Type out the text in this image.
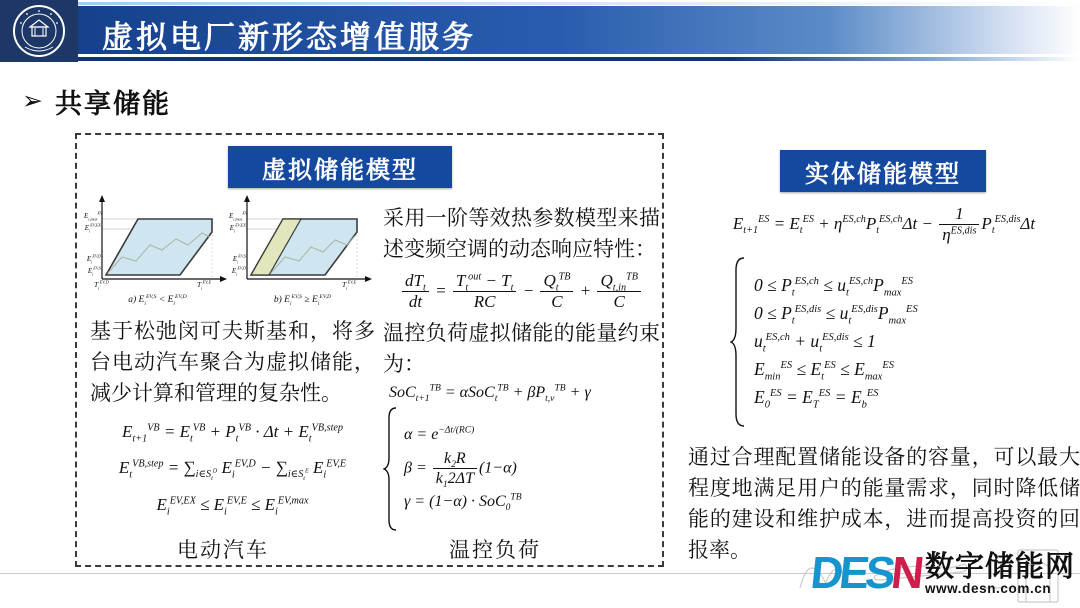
虚拟电厂新形态增值服务
➢ 共享储能
虚拟储能模型
$E_{i,max}^{EV}$
$E_i^{EV,EX}$
$E_i^{EV,D}$
$E_i^{EV,S}$
$T_i^{EV,D}$	$T_i^{EV,E}$
a) $E_i^{EV,S} < E_i^{EV,D}$
$E_{i,max}^{EV}$
$E_i^{EV,EX}$
$E_i^{EV,S}$
$E_i^{EV,D}$
$T_i^{EV,E}$
b) $E_i^{EV,S} \ge E_i^{EV,D}$
基于松弛闵可夫斯基和，将多台电动汽车聚合为虚拟储能，减少计算和管理的复杂性。
$E_{t+1}^{VB} = E_t^{VB} + P_t^{VB} \cdot \Delta t + E_t^{VB,step}$
$E_t^{VB,step} = \sum_{i\in S_t^D}$ $E_i^{EV,D} - \sum_{i\in S_t^E}$ $E_i^{EV,E}$
$E_i^{EV,EX} \le E_i^{EV,E} \le E_i^{EV,max}$
电动汽车
采用一阶等效热参数模型来描述变频空调的动态响应特性：
$\frac{dT_t}{dt} = \frac{T_t^{out} - T_t}{RC} - \frac{Q_t^{TB}}{C} + \frac{Q_{t,in}^{TB}}{C}$
温控负荷虚拟储能的能量约束为：
$SoC_{t+1}^{TB} = \alpha SoC_t^{TB} + \beta P_{t,v}^{TB} + \gamma$
$\alpha = e^{-\Delta t/(RC)}$
$\beta = \frac{k_2R}{k_12\Delta T} (1-\alpha)$
γ = (1−α) · SoC$_0^{TB}$
温控负荷
实体储能模型
$E_{t+1}^{ES} = E_t^{ES} + \eta^{ES,ch}P_t^{ES,ch}\Delta t - \frac{1}{\eta^{ES,dis}} P_t^{ES,dis}\Delta t$
$0 \le P_t^{ES,ch} \le u_t^{ES,ch}P_{max}^{ES}$
$0 \le P_t^{ES,dis} \le u_t^{ES,dis}P_{max}^{ES}$
$u_t^{ES,ch} + u_t^{ES,dis} \le 1$
$E_{min}^{ES} \le E_t^{ES} \le E_{max}^{ES}$
$E_0^{ES} = E_T^{ES} = E_b^{ES}$
通过合理配置储能设备的容量，可以最大程度地满足用户的能量需求，同时降低储能的建设和维护成本，进而提高投资的回报率。	D
E
S
N 数字储能网
www.desn.com.cn
